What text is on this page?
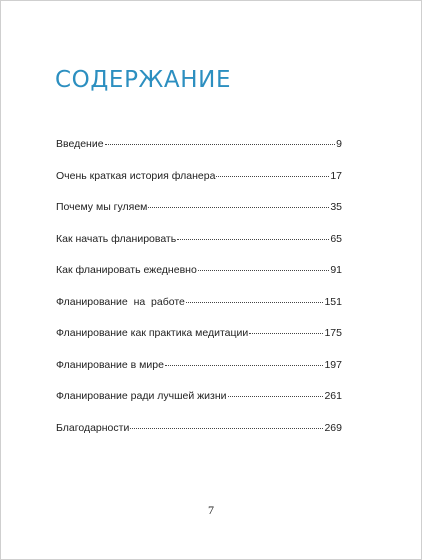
СОДЕРЖАНИЕ
Введение	9
Очень краткая история фланера	17
Почему мы гуляем	35
Как начать фланировать	65
Как фланировать ежедневно	91
Фланирование  на  работе	151
Фланирование как практика медитации	175
Фланирование в мире	197
Фланирование ради лучшей жизни	261
Благодарности	269
7
